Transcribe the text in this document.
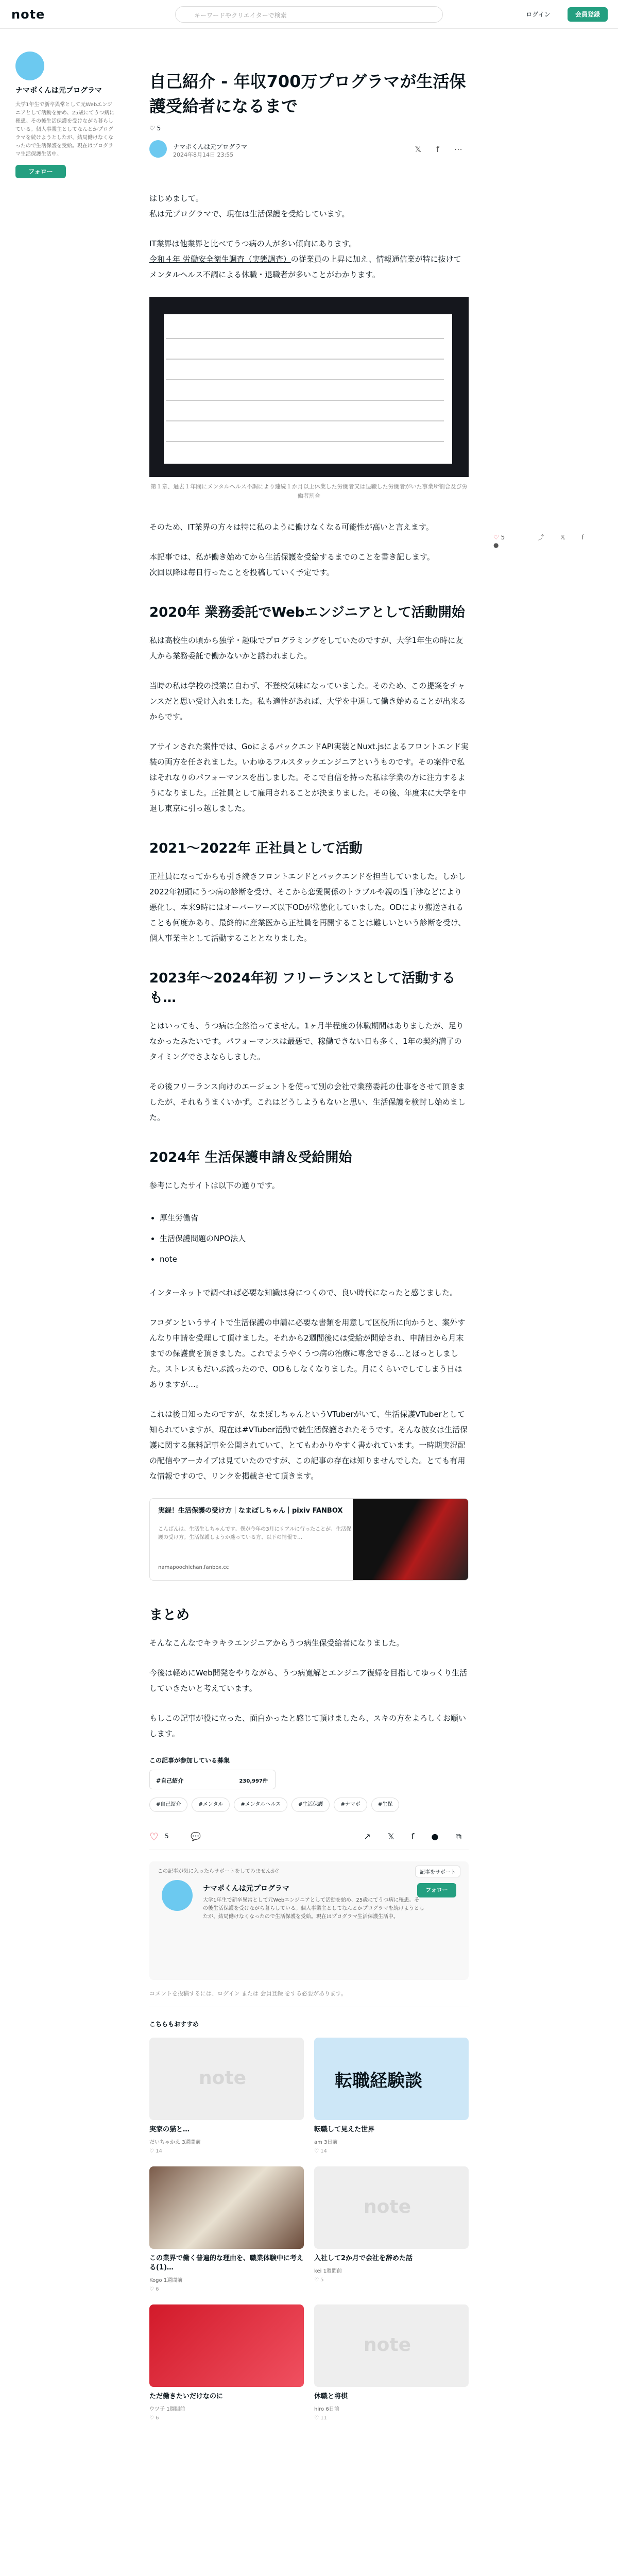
note	キーワードやクリエイターで検索	ログイン	会員登録
ナマポくんは元プログラマ
大学1年生で新卒異常として元Webエンジニアとして活動を始め、25歳にてうつ病に罹患。その後生活保護を受けながら暮らしている。個人事業主としてなんとかプログラマを続けようとしたが、結局働けなくなったので生活保護を受給。現在はプログラマ生活保護生活中。
フォロー
♡ 5	⤴ 𝕏 f ●
自己紹介 - 年収700万プログラマが生活保護受給者になるまで
♡ 5
ナマポくんは元プログラマ
2024年8月14日 23:55
𝕏 f ⋯

はじめまして。
私は元プログラマで、現在は生活保護を受給しています。

IT業界は他業界と比べてうつ病の人が多い傾向にあります。
令和４年 労働安全衛生調査（実態調査）の従業員の上昇に加え、情報通信業が特に抜けてメンタルヘルス不調による休職・退職者が多いことがわかります。

第１章、過去１年間にメンタルヘルス不調により連続１か月以上休業した労働者又は退職した労働者がいた事業所割合及び労働者割合

そのため、IT業界の方々は特に私のように働けなくなる可能性が高いと言えます。

本記事では、私が働き始めてから生活保護を受給するまでのことを書き記します。
次回以降は毎日行ったことを投稿していく予定です。

2020年 業務委託でWebエンジニアとして活動開始

私は高校生の頃から独学・趣味でプログラミングをしていたのですが、大学1年生の時に友人から業務委託で働かないかと誘われました。

当時の私は学校の授業に自わず、不登校気味になっていました。そのため、この提案をチャンスだと思い受け入れました。私も適性があれば、大学を中退して働き始めることが出来るからです。

アサインされた案件では、GoによるバックエンドAPI実装とNuxt.jsによるフロントエンド実装の両方を任されました。いわゆるフルスタックエンジニアというものです。その案件で私はそれなりのパフォーマンスを出しました。そこで自信を持った私は学業の方に注力するようになりました。正社員として雇用されることが決まりました。その後、年度末に大学を中退し東京に引っ越しました。

2021〜2022年 正社員として活動

正社員になってからも引き続きフロントエンドとバックエンドを担当していました。しかし2022年初頭にうつ病の診断を受け、そこから恋愛関係のトラブルや親の過干渉などにより悪化し、本来9時にはオーバーワーズ以下ODが常態化していました。ODにより搬送されることも何度かあり、最終的に産業医から正社員を再開することは難しいという診断を受け、個人事業主として活動することとなりました。

2023年〜2024年初 フリーランスとして活動するも…

とはいっても、うつ病は全然治ってません。1ヶ月半程度の休職期間はありましたが、足りなかったみたいです。パフォーマンスは最悪で、稼働できない日も多く、1年の契約満了のタイミングでさよならしました。

その後フリーランス向けのエージェントを使って別の会社で業務委託の仕事をさせて頂きましたが、それもうまくいかず。これはどうしようもないと思い、生活保護を検討し始めました。

2024年 生活保護申請＆受給開始

参考にしたサイトは以下の通りです。

• 厚生労働省
• 生活保護問題のNPO法人
• note

インターネットで調べれば必要な知識は身につくので、良い時代になったと感じました。

フコダンというサイトで生活保護の申請に必要な書類を用意して区役所に向かうと、案外すんなり申請を受理して頂けました。それから2週間後には受給が開始され、申請日から月末までの保護費を頂きました。これでようやくうつ病の治療に専念できる…とほっとしました。ストレスもだいぶ減ったので、ODもしなくなりました。月にくらいでしてしまう日はありますが…。

これは後日知ったのですが、なまぽしちゃんというVTuberがいて、生活保護VTuberとして知られていますが、現在は#VTuber活動で就生活保護されたそうです。そんな彼女は生活保護に関する無料記事を公開されていて、とてもわかりやすく書かれています。一時期実況配の配信やアーカイブは見ていたのですが、この記事の存在は知りませんでした。とても有用な情報ですので、リンクを掲載させて頂きます。

実録！生活保護の受け方｜なまぽしちゃん｜pixiv FANBOX
こんばんは、生活生しちゃんです。僕が今年の3月にリアルに行ったことが、生活保護の受け方。生活保護しようか迷っている方、以下の情報で…
namapoochichan.fanbox.cc
まとめ

そんなこんなでキラキラエンジニアからうつ病生保受給者になりました。

今後は軽めにWeb開発をやりながら、うつ病寛解とエンジニア復帰を目指してゆっくり生活していきたいと考えています。

もしこの記事が役に立った、面白かったと感じて頂けましたら、スキの方をよろしくお願いします。

この記事が参加している募集
#自己紹介	230,997件
#自己紹介	#メンタル	#メンタルヘルス	#生活保護	#ナマポ	#生保
♡ 5	💬	↗ 𝕏 f ● ⧉
この記事が気に入ったらサポートをしてみませんか？	記事をサポート
ナマポくんは元プログラマ
大学1年生で新卒異常として元Webエンジニアとして活動を始め、25歳にてうつ病に罹患。その後生活保護を受けながら暮らしている。個人事業主としてなんとかプログラマを続けようとしたが、結局働けなくなったので生活保護を受給。現在はプログラマ生活保護生活中。
フォロー
コメントを投稿するには、ログイン または 会員登録 をする必要があります。
こちらもおすすめ
note
実家の猫と…
だいちゃかえ 3週間前
♡ 14
転職経験談
転職して見えた世界
am 3日前
♡ 14
この業界で働く普遍的な理由を、職業体験中に考える(1)…
Kogo 1週間前
♡ 6
note
入社して2か月で会社を辞めた話
kei 1週間前
♡ 5
ただ働きたいだけなのに
ウツ子 1週間前
♡ 6
note
休職と将棋
hiro 6日前
♡ 11
